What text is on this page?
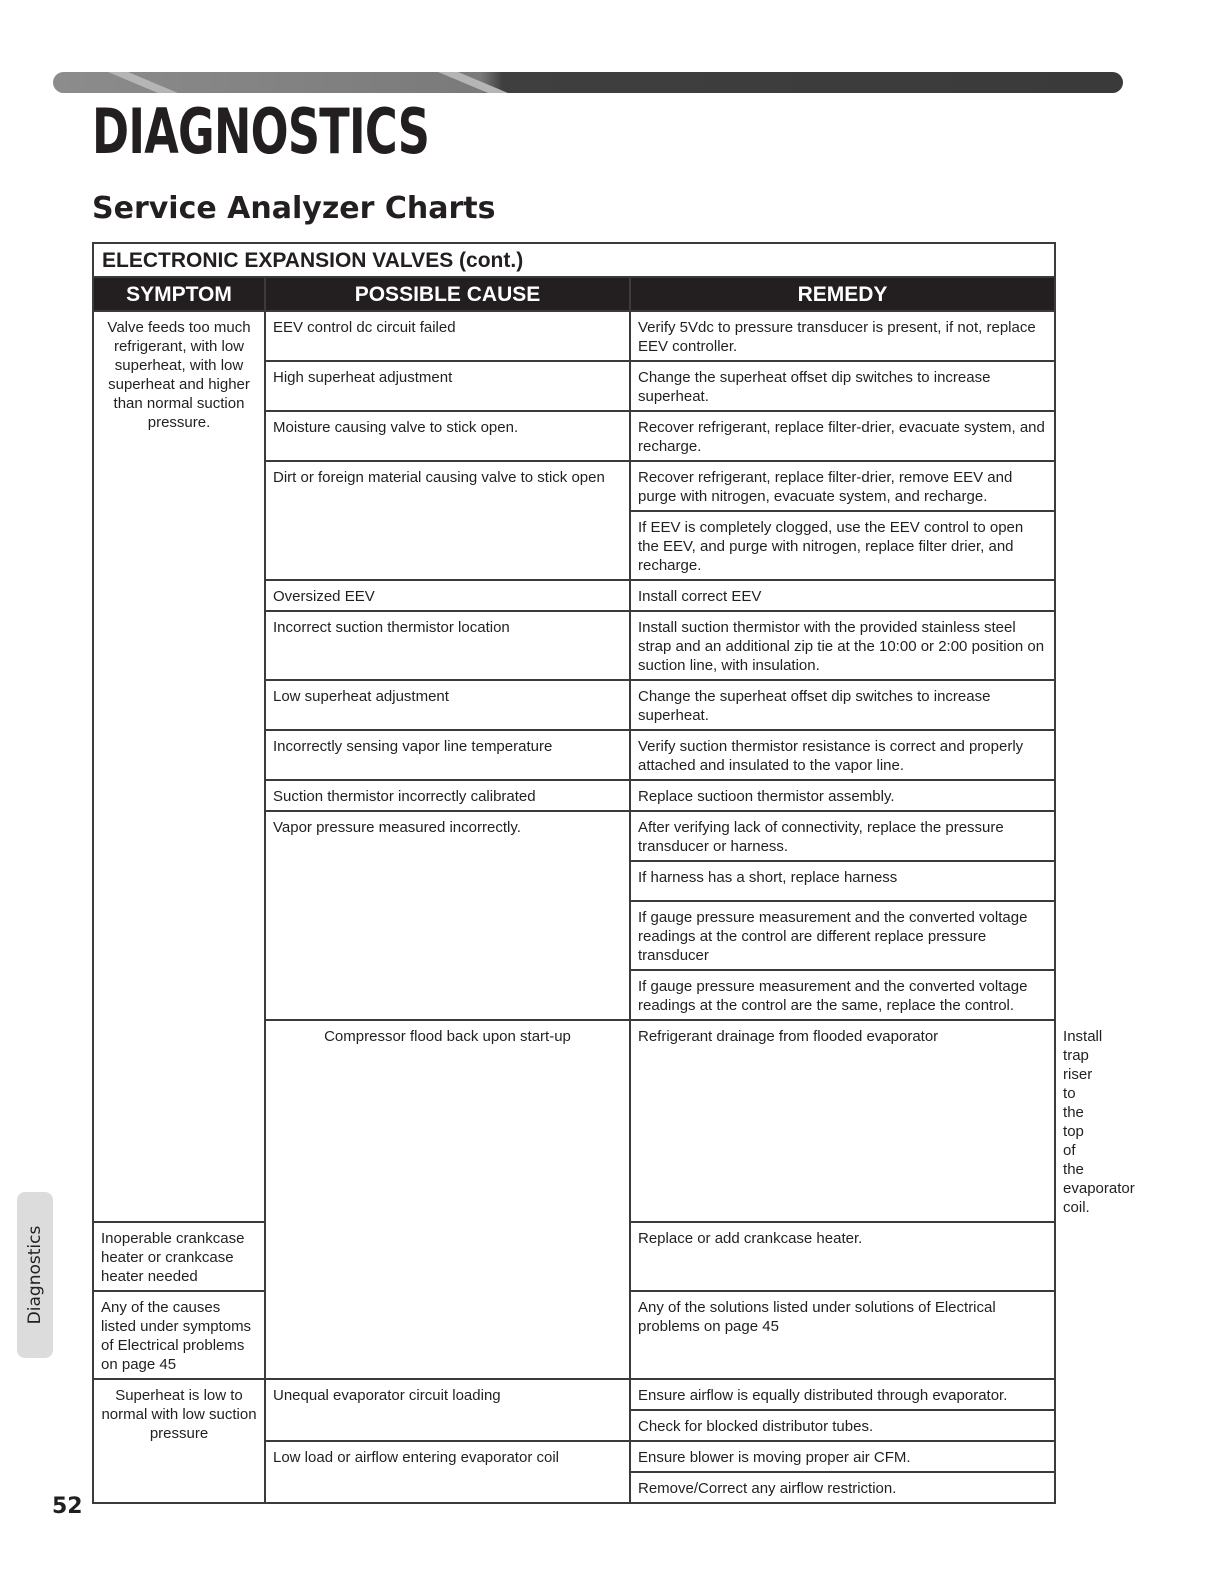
DIAGNOSTICS
Service Analyzer Charts
ELECTRONIC EXPANSION VALVES (cont.)			
SYMPTOM	POSSIBLE CAUSE	REMEDY	
Valve feeds too much refrigerant, with low superheat, with low superheat and higher than normal suction pressure.	EEV control dc circuit failed	Verify 5Vdc to pressure transducer is present, if not, replace EEV controller.	
	High superheat adjustment	Change the superheat offset dip switches to increase superheat.	
	Moisture causing valve to stick open.	Recover refrigerant, replace filter-drier, evacuate system, and recharge.	
	Dirt or foreign material causing valve to stick open	Recover refrigerant, replace filter-drier, remove EEV and purge with nitrogen, evacuate system, and recharge.	
		If EEV is completely clogged, use the EEV control to open the EEV, and purge with nitrogen, replace filter drier, and recharge.	
	Oversized EEV	Install correct EEV	
	Incorrect suction thermistor location	Install suction thermistor with the provided stainless steel strap and an additional zip tie at the 10:00 or 2:00 position on suction line, with insulation.	
	Low superheat adjustment	Change the superheat offset dip switches to increase superheat.	
	Incorrectly sensing vapor line temperature	Verify suction thermistor resistance is correct and properly attached and insulated to the vapor line.	
	Suction thermistor incorrectly calibrated	Replace suctioon thermistor assembly.	
	Vapor pressure measured incorrectly.	After verifying lack of connectivity, replace the pressure transducer or harness.	
		If harness has a short, replace harness	
		If gauge pressure measurement and the converted voltage readings at the control are different replace pressure transducer	
		If gauge pressure measurement and the converted voltage readings at the control are the same, replace the control.	
	Compressor flood back upon start-up	Refrigerant drainage from flooded evaporator	Install trap riser to the top of the evaporator coil.
Inoperable crankcase heater or crankcase heater needed		Replace or add crankcase heater.	
Any of the causes listed under symptoms of Electrical problems on page 45		Any of the solutions listed under solutions of Electrical problems on page 45	
Superheat is low to normal with low suction pressure	Unequal evaporator circuit loading	Ensure airflow is equally distributed through evaporator.	
		Check for blocked distributor tubes.	
	Low load or airflow entering evaporator coil	Ensure blower is moving proper air CFM.	
		Remove/Correct any airflow restriction.	
Diagnostics
52
